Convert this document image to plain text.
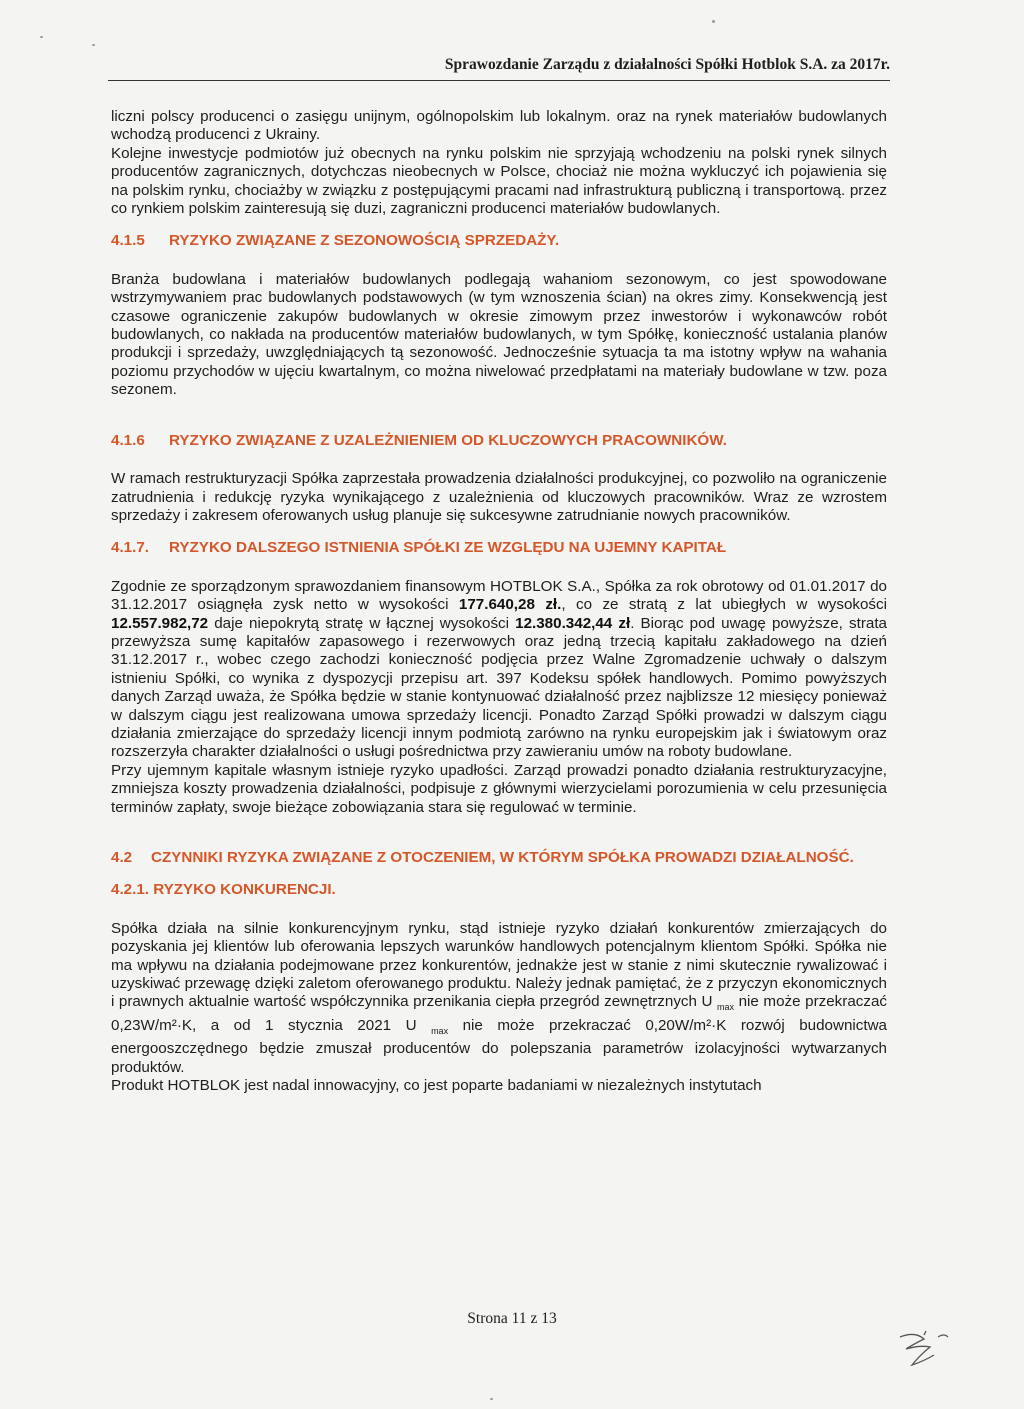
Sprawozdanie Zarządu z działalności Spółki Hotblok S.A. za 2017r.

liczni polscy producenci o zasięgu unijnym, ogólnopolskim lub lokalnym. oraz na rynek materiałów budowlanych wchodzą producenci z Ukrainy.

Kolejne inwestycje podmiotów już obecnych na rynku polskim nie sprzyjają wchodzeniu na polski rynek silnych producentów zagranicznych, dotychczas nieobecnych w Polsce, chociaż nie można wykluczyć ich pojawienia się na polskim rynku, chociażby w związku z postępującymi pracami nad infrastrukturą publiczną i transportową. przez co rynkiem polskim zainteresują się duzi, zagraniczni producenci materiałów budowlanych.

4.1.5 RYZYKO ZWIĄZANE Z SEZONOWOŚCIĄ SPRZEDAŻY.

Branża budowlana i materiałów budowlanych podlegają wahaniom sezonowym, co jest spowodowane wstrzymywaniem prac budowlanych podstawowych (w tym wznoszenia ścian) na okres zimy. Konsekwencją jest czasowe ograniczenie zakupów budowlanych w okresie zimowym przez inwestorów i wykonawców robót budowlanych, co nakłada na producentów materiałów budowlanych, w tym Spółkę, konieczność ustalania planów produkcji i sprzedaży, uwzględniających tą sezonowość. Jednocześnie sytuacja ta ma istotny wpływ na wahania poziomu przychodów w ujęciu kwartalnym, co można niwelować przedpłatami na materiały budowlane w tzw. poza sezonem.

4.1.6 RYZYKO ZWIĄZANE Z UZALEŻNIENIEM OD KLUCZOWYCH PRACOWNIKÓW.

W ramach restrukturyzacji Spółka zaprzestała prowadzenia działalności produkcyjnej, co pozwoliło na ograniczenie zatrudnienia i redukcję ryzyka wynikającego z uzależnienia od kluczowych pracowników. Wraz ze wzrostem sprzedaży i zakresem oferowanych usług planuje się sukcesywne zatrudnianie nowych pracowników.

4.1.7. RYZYKO DALSZEGO ISTNIENIA SPÓŁKI ZE WZGLĘDU NA UJEMNY KAPITAŁ

Zgodnie ze sporządzonym sprawozdaniem finansowym HOTBLOK S.A., Spółka za rok obrotowy od 01.01.2017 do 31.12.2017 osiągnęła zysk netto w wysokości 177.640,28 zł., co ze stratą z lat ubiegłych w wysokości 12.557.982,72 daje niepokrytą stratę w łącznej wysokości 12.380.342,44 zł. Biorąc pod uwagę powyższe, strata przewyższa sumę kapitałów zapasowego i rezerwowych oraz jedną trzecią kapitału zakładowego na dzień 31.12.2017 r., wobec czego zachodzi konieczność podjęcia przez Walne Zgromadzenie uchwały o dalszym istnieniu Spółki, co wynika z dyspozycji przepisu art. 397 Kodeksu spółek handlowych. Pomimo powyższych danych Zarząd uważa, że Spółka będzie w stanie kontynuować działalność przez najblizsze 12 miesięcy ponieważ w dalszym ciągu jest realizowana umowa sprzedaży licencji. Ponadto Zarząd Spółki prowadzi w dalszym ciągu działania zmierzające do sprzedaży licencji innym podmiotą zarówno na rynku europejskim jak i światowym oraz rozszerzyła charakter działalności o usługi pośrednictwa przy zawieraniu umów na roboty budowlane.

Przy ujemnym kapitale własnym istnieje ryzyko upadłości. Zarząd prowadzi ponadto działania restrukturyzacyjne, zmniejsza koszty prowadzenia działalności, podpisuje z głównymi wierzycielami porozumienia w celu przesunięcia terminów zapłaty, swoje bieżące zobowiązania stara się regulować w terminie.

4.2 CZYNNIKI RYZYKA ZWIĄZANE Z OTOCZENIEM, W KTÓRYM SPÓŁKA PROWADZI DZIAŁALNOŚĆ.
4.2.1. RYZYKO KONKURENCJI.

Spółka działa na silnie konkurencyjnym rynku, stąd istnieje ryzyko działań konkurentów zmierzających do pozyskania jej klientów lub oferowania lepszych warunków handlowych potencjalnym klientom Spółki. Spółka nie ma wpływu na działania podejmowane przez konkurentów, jednakże jest w stanie z nimi skutecznie rywalizować i uzyskiwać przewagę dzięki zaletom oferowanego produktu. Należy jednak pamiętać, że z przyczyn ekonomicznych i prawnych aktualnie wartość współczynnika przenikania ciepła przegród zewnętrznych U $_{max}$ nie może przekraczać 0,23W/m²·K, a od 1 stycznia 2021 U $_{max}$ nie może przekraczać 0,20W/m²·K rozwój budownictwa energooszczędnego będzie zmuszał producentów do polepszania parametrów izolacyjności wytwarzanych produktów.

Produkt HOTBLOK jest nadal innowacyjny, co jest poparte badaniami w niezależnych instytutach

Strona 11 z 13
